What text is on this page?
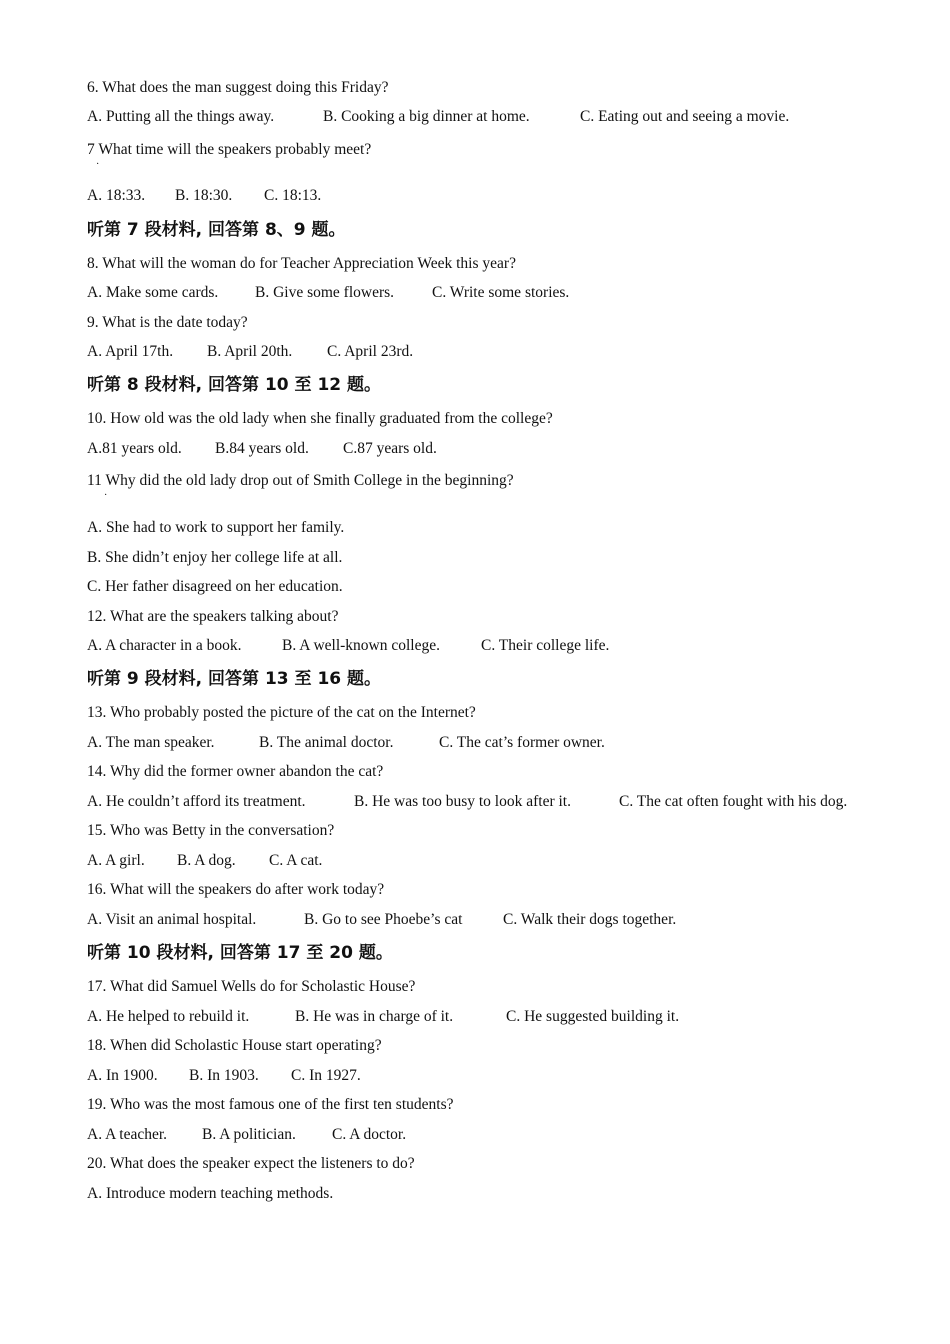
6. What does the man suggest doing this Friday?
A. Putting all the things away.	B. Cooking a big dinner at home.	C. Eating out and seeing a movie.
7 What time will the speakers probably meet?
·
A. 18:33. B. 18:30. C. 18:13.
听第 7 段材料, 回答第 8、9 题。
8. What will the woman do for Teacher Appreciation Week this year?
A. Make some cards. B. Give some flowers. C. Write some stories.
9. What is the date today?
A. April 17th. B. April 20th. C. April 23rd.
听第 8 段材料, 回答第 10 至 12 题。
10. How old was the old lady when she finally graduated from the college?
A.81 years old. B.84 years old. C.87 years old.
11 Why did the old lady drop out of Smith College in the beginning?
·
A. She had to work to support her family.
B. She didn’t enjoy her college life at all.
C. Her father disagreed on her education.
12. What are the speakers talking about?
A. A character in a book.	B. A well-known college.	C. Their college life.
听第 9 段材料, 回答第 13 至 16 题。
13. Who probably posted the picture of the cat on the Internet?
A. The man speaker.	B. The animal doctor.	C. The cat’s former owner.
14. Why did the former owner abandon the cat?
A. He couldn’t afford its treatment.	B. He was too busy to look after it.	C. The cat often fought with his dog.
15. Who was Betty in the conversation?
A. A girl. B. A dog. C. A cat.
16. What will the speakers do after work today?
A. Visit an animal hospital.	B. Go to see Phoebe’s cat	C. Walk their dogs together.
听第 10 段材料, 回答第 17 至 20 题。
17. What did Samuel Wells do for Scholastic House?
A. He helped to rebuild it.	B. He was in charge of it.	C. He suggested building it.
18. When did Scholastic House start operating?
A. In 1900. B. In 1903. C. In 1927.
19. Who was the most famous one of the first ten students?
A. A teacher. B. A politician. C. A doctor.
20. What does the speaker expect the listeners to do?
A. Introduce modern teaching methods.
